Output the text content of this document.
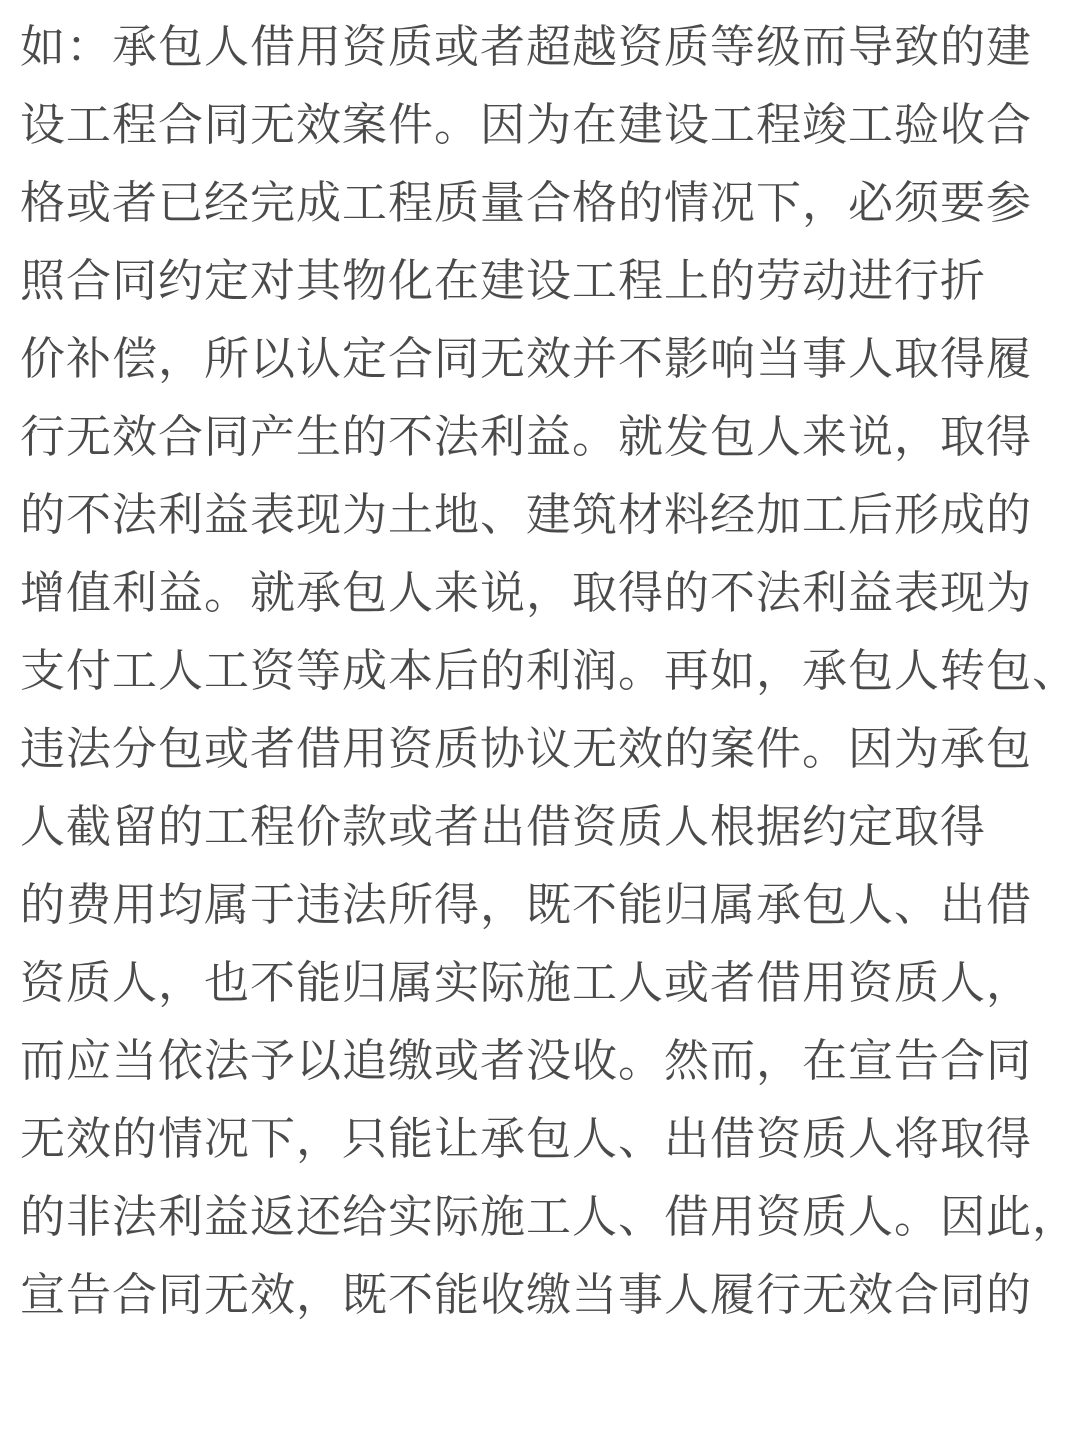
如：承包人借用资质或者超越资质等级而导致的建
设工程合同无效案件。因为在建设工程竣工验收合
格或者已经完成工程质量合格的情况下，必须要参
照合同约定对其物化在建设工程上的劳动进行折
价补偿，所以认定合同无效并不影响当事人取得履
行无效合同产生的不法利益。就发包人来说，取得
的不法利益表现为土地、建筑材料经加工后形成的
增值利益。就承包人来说，取得的不法利益表现为
支付工人工资等成本后的利润。再如，承包人转包、
违法分包或者借用资质协议无效的案件。因为承包
人截留的工程价款或者出借资质人根据约定取得
的费用均属于违法所得，既不能归属承包人、出借
资质人，也不能归属实际施工人或者借用资质人，
而应当依法予以追缴或者没收。然而，在宣告合同
无效的情况下，只能让承包人、出借资质人将取得
的非法利益返还给实际施工人、借用资质人。因此，
宣告合同无效，既不能收缴当事人履行无效合同的
